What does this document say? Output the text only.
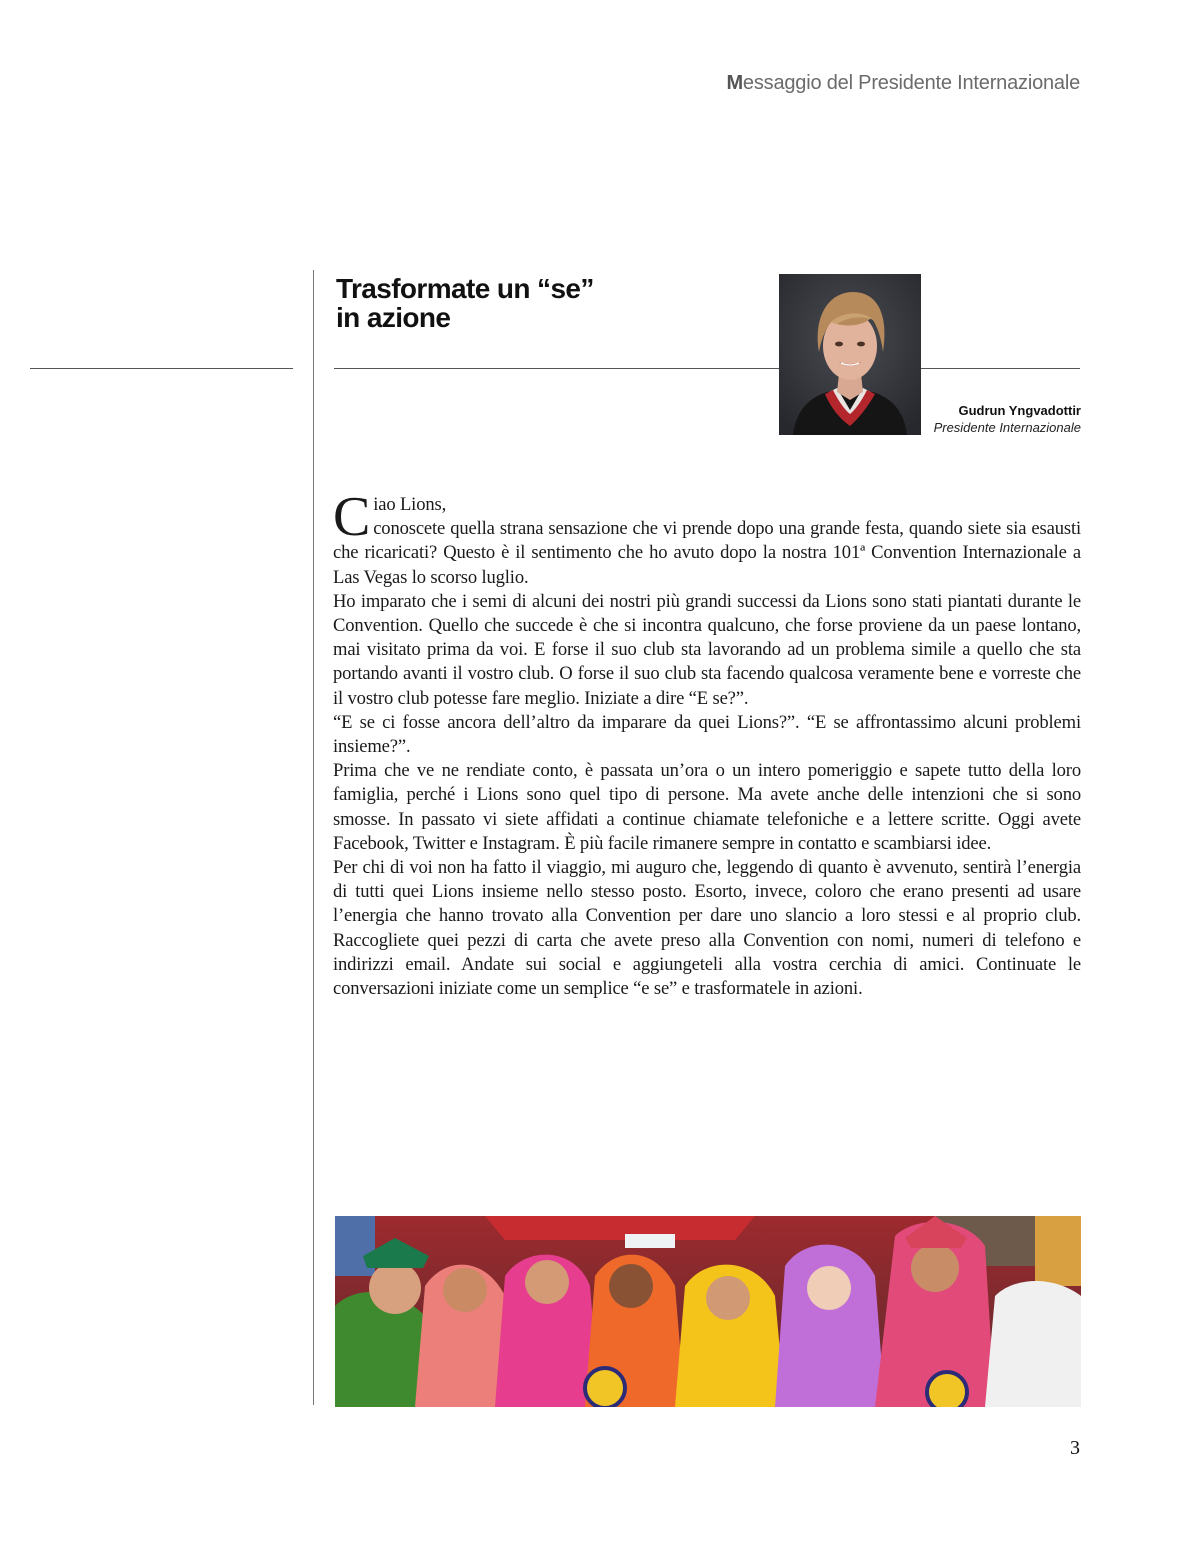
Messaggio del Presidente Internazionale
Trasformate un “se”
in azione
Gudrun Yngvadottir
Presidente Internazionale
C iao Lions,

conoscete quella strana sensazione che vi prende dopo una grande festa, quando siete sia esausti che ricaricati? Questo è il sentimento che ho avuto dopo la nostra 101ª Convention Internazionale a Las Vegas lo scorso luglio.

Ho imparato che i semi di alcuni dei nostri più grandi successi da Lions sono stati piantati durante le Convention. Quello che succede è che si incontra qualcuno, che forse proviene da un paese lontano, mai visitato prima da voi. E forse il suo club sta lavorando ad un problema simile a quello che sta portando avanti il vostro club. O forse il suo club sta facendo qualcosa veramente bene e vorreste che il vostro club potesse fare meglio. Iniziate a dire “E se?”.

“E se ci fosse ancora dell’altro da imparare da quei Lions?”. “E se affrontassimo alcuni problemi insieme?”.

Prima che ve ne rendiate conto, è passata un’ora o un intero pomeriggio e sapete tutto della loro famiglia, perché i Lions sono quel tipo di persone. Ma avete anche delle intenzioni che si sono smosse. In passato vi siete affidati a continue chiamate telefoniche e a lettere scritte. Oggi avete Facebook, Twitter e Instagram. È più facile rimanere sempre in contatto e scambiarsi idee.

Per chi di voi non ha fatto il viaggio, mi auguro che, leggendo di quanto è avvenuto, sentirà l’energia di tutti quei Lions insieme nello stesso posto. Esorto, invece, coloro che erano presenti ad usare l’energia che hanno trovato alla Convention per dare uno slancio a loro stessi e al proprio club. Raccogliete quei pezzi di carta che avete preso alla Convention con nomi, numeri di telefono e indirizzi email. Andate sui social e aggiungeteli alla vostra cerchia di amici. Continuate le conversazioni iniziate come un semplice “e se” e trasformatele in azioni.

3
